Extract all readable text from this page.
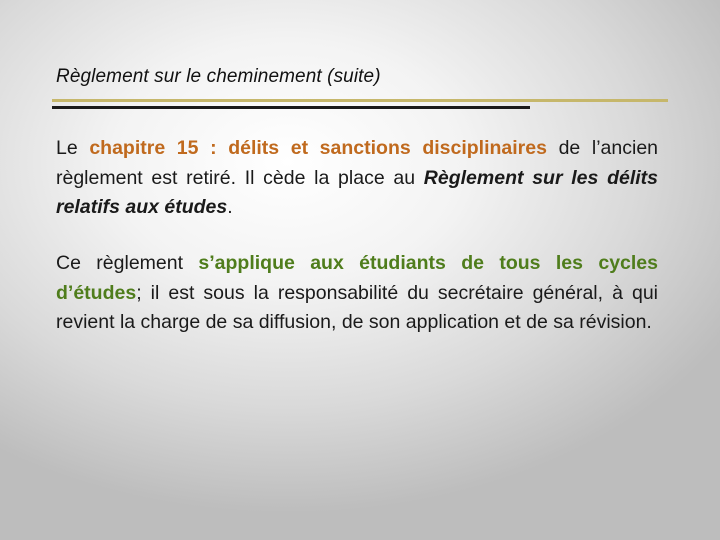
Règlement sur le cheminement (suite)
Le chapitre 15 : délits et sanctions disciplinaires de l’ancien règlement est retiré. Il cède la place au Règlement sur les délits relatifs aux études.
Ce règlement s’applique aux étudiants de tous les cycles d’études; il est sous la responsabilité du secrétaire général, à qui revient la charge de sa diffusion, de son application et de sa révision.
